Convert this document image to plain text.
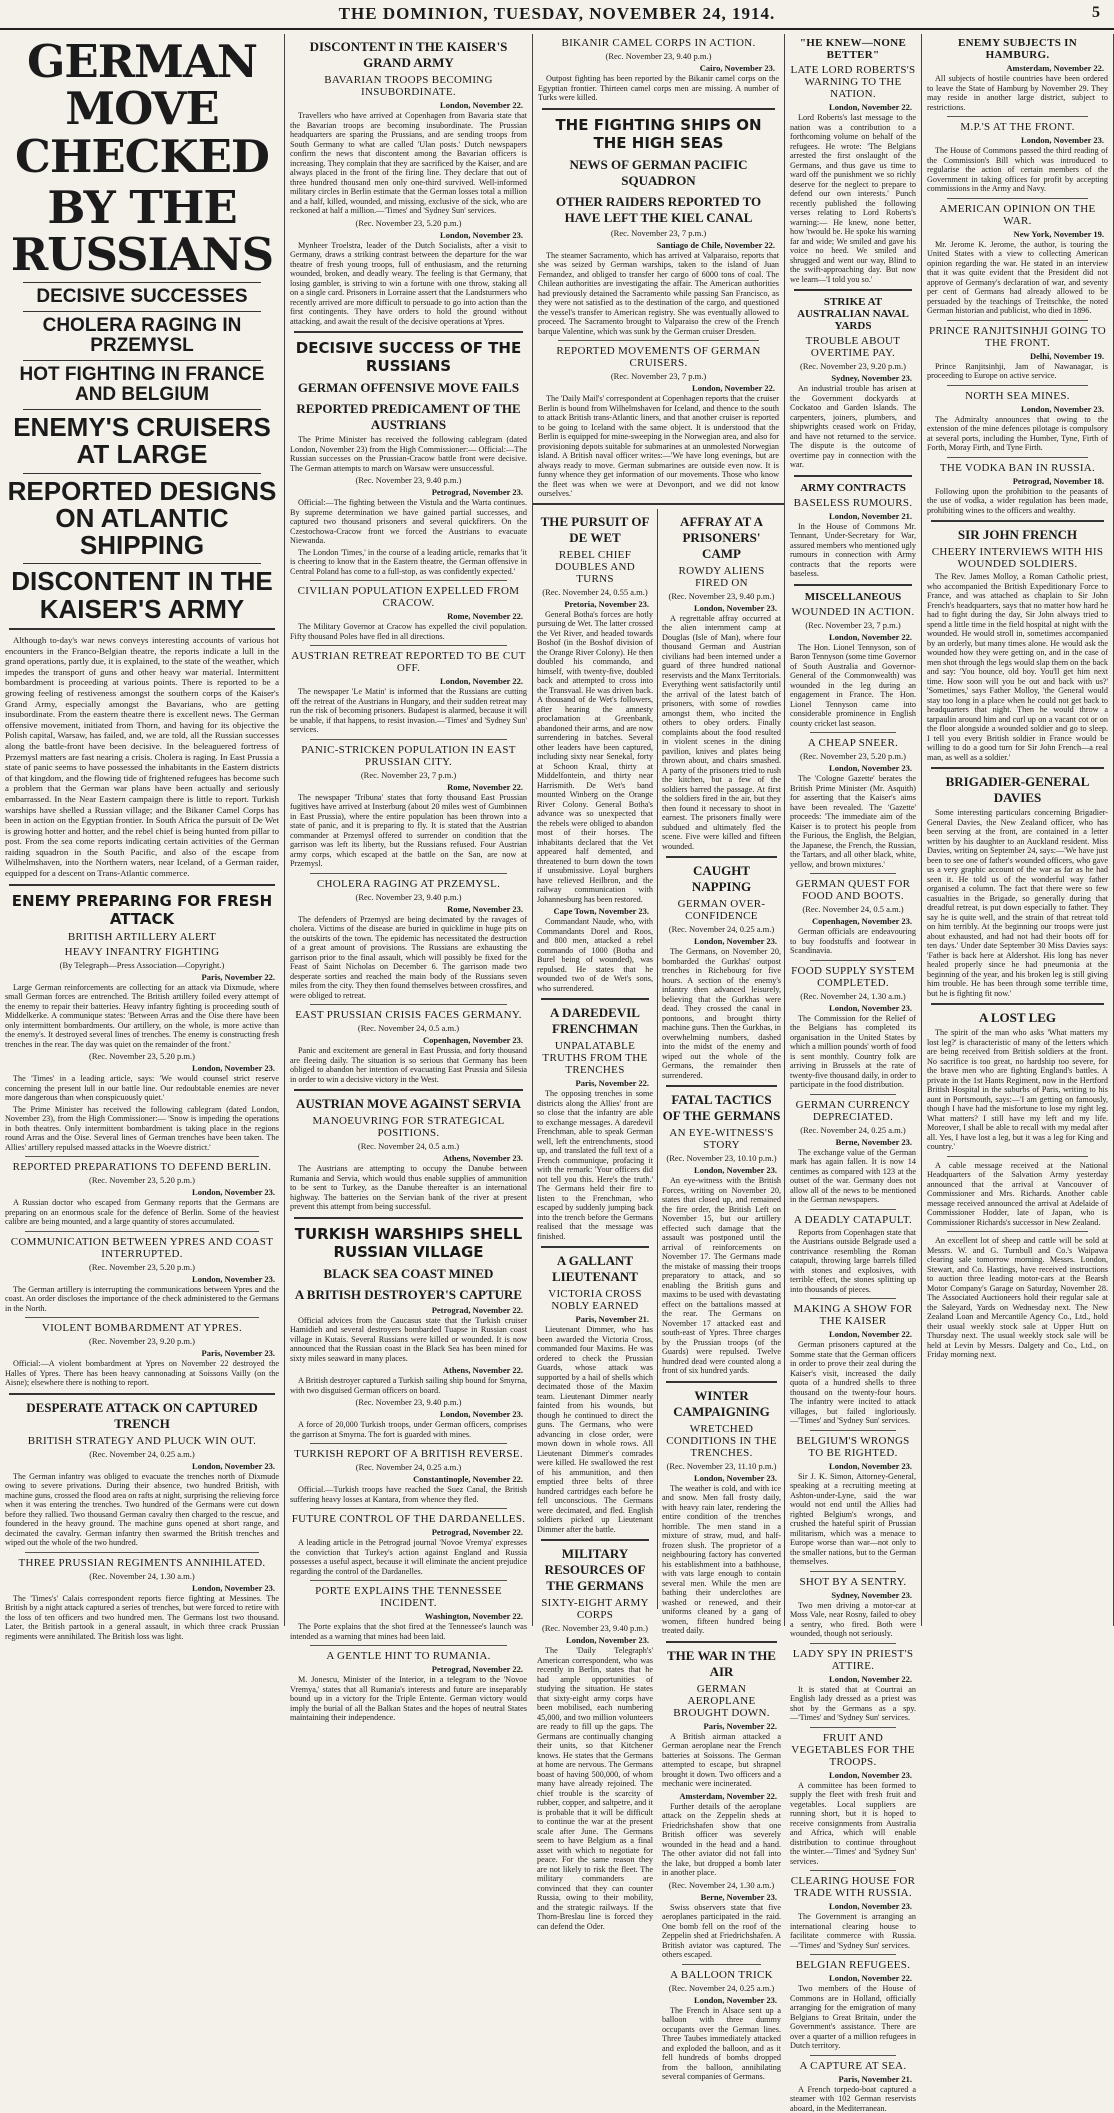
THE DOMINION, TUESDAY, NOVEMBER 24, 1914.	5
GERMAN MOVE CHECKED
BY THE RUSSIANS
DECISIVE SUCCESSES
CHOLERA RAGING IN PRZEMYSL
HOT FIGHTING IN FRANCE AND BELGIUM
ENEMY'S CRUISERS AT LARGE
REPORTED DESIGNS ON ATLANTIC SHIPPING
DISCONTENT IN THE KAISER'S ARMY

Although to-day's war news conveys interesting accounts of various hot encounters in the Franco-Belgian theatre, the reports indicate a lull in the grand operations, partly due, it is explained, to the state of the weather, which impedes the transport of guns and other heavy war material. Intermittent bombardment is proceeding at various points. There is reported to be a growing feeling of restiveness amongst the southern corps of the Kaiser's Grand Army, especially amongst the Bavarians, who are getting insubordinate. From the eastern theatre there is excellent news. The German offensive movement, initiated from Thorn, and having for its objective the Polish capital, Warsaw, has failed, and, we are told, all the Russian successes along the battle-front have been decisive. In the beleaguered fortress of Przemysl matters are fast nearing a crisis. Cholera is raging. In East Prussia a state of panic seems to have possessed the inhabitants in the Eastern districts of that kingdom, and the flowing tide of frightened refugees has become such a problem that the German war plans have been actually and seriously embarrassed. In the Near Eastern campaign there is little to report. Turkish warships have shelled a Russian village; and the Bikaner Camel Corps has been in action on the Egyptian frontier. In South Africa the pursuit of De Wet is growing hotter and hotter, and the rebel chief is being hunted from pillar to post. From the sea come reports indicating certain activities of the German raiding squadron in the South Pacific, and also of the escape from Wilhelmshaven, into the Northern waters, near Iceland, of a German raider, equipped for a descent on Trans-Atlantic commerce.

ENEMY PREPARING FOR FRESH ATTACK
BRITISH ARTILLERY ALERT
HEAVY INFANTRY FIGHTING
(By Telegraph—Press Association—Copyright.)
Paris, November 22.

Large German reinforcements are collecting for an attack via Dixmude, where small German forces are entrenched. The British artillery foiled every attempt of the enemy to repair their batteries. Heavy infantry fighting is proceeding south of Middelkerke. A communique states: 'Between Arras and the Oise there have been only intermittent bombardments. Our artillery, on the whole, is more active than the enemy's. It destroyed several lines of trenches. The enemy is constructing fresh trenches in the rear. The day was quiet on the remainder of the front.'

(Rec. November 23, 5.20 p.m.)
London, November 23.

The 'Times' in a leading article, says: 'We would counsel strict reserve concerning the present lull in our battle line. Our redoubtable enemies are never more dangerous than when conspicuously quiet.'

The Prime Minister has received the following cablegram (dated London, November 23), from the High Commissioner:— 'Snow is impeding the operations in both theatres. Only intermittent bombardment is taking place in the regions round Arras and the Oise. Several lines of German trenches have been taken. The Allies' artillery repulsed massed attacks in the Woevre district.'

REPORTED PREPARATIONS TO DEFEND BERLIN.
(Rec. November 23, 5.20 p.m.)
London, November 23.

A Russian doctor who escaped from Germany reports that the Germans are preparing on an enormous scale for the defence of Berlin. Some of the heaviest calibre are being mounted, and a large quantity of stores accumulated.

COMMUNICATION BETWEEN YPRES AND COAST INTERRUPTED.
(Rec. November 23, 5.20 p.m.)
London, November 23.

The German artillery is interrupting the communications between Ypres and the coast. An order discloses the importance of the check administered to the Germans in the North.

VIOLENT BOMBARDMENT AT YPRES.
(Rec. November 23, 9.20 p.m.)
Paris, November 23.

Official:—A violent bombardment at Ypres on November 22 destroyed the Halles of Ypres. There has been heavy cannonading at Soissons Vailly (on the Aisne); elsewhere there is nothing to report.

DESPERATE ATTACK ON CAPTURED TRENCH
BRITISH STRATEGY AND PLUCK WIN OUT.
(Rec. November 24, 0.25 a.m.)
London, November 23.

The German infantry was obliged to evacuate the trenches north of Dixmude owing to severe privations. During their absence, two hundred British, with machine guns, crossed the flood area on rafts at night, surprising the relieving force when it was entering the trenches. Two hundred of the Germans were cut down before they rallied. Two thousand German cavalry then charged to the rescue, and foundered in the heavy ground. The machine guns opened at short range, and decimated the cavalry. German infantry then swarmed the British trenches and wiped out the whole of the two hundred.

THREE PRUSSIAN REGIMENTS ANNIHILATED.
(Rec. November 24, 1.30 a.m.)
London, November 23.

The 'Times's' Calais correspondent reports fierce fighting at Messines. The British by a night attack captured a series of trenches, but were forced to retire with the loss of ten officers and two hundred men. The Germans lost two thousand. Later, the British partook in a general assault, in which three crack Prussian regiments were annihilated. The British loss was light.

DISCONTENT IN THE KAISER'S GRAND ARMY
BAVARIAN TROOPS BECOMING INSUBORDINATE.
London, November 22.

Travellers who have arrived at Copenhagen from Bavaria state that the Bavarian troops are becoming insubordinate. The Prussian headquarters are sparing the Prussians, and are sending troops from South Germany to what are called 'Ulan posts.' Dutch newspapers confirm the news that discontent among the Bavarian officers is increasing. They complain that they are sacrificed by the Kaiser, and are always placed in the front of the firing line. They declare that out of three hundred thousand men only one-third survived. Well-informed military circles in Berlin estimate that the German losses total a million and a half, killed, wounded, and missing, exclusive of the sick, who are reckoned at half a million.—'Times' and 'Sydney Sun' services.

(Rec. November 23, 5.20 p.m.)
London, November 23.

Mynheer Troelstra, leader of the Dutch Socialists, after a visit to Germany, draws a striking contrast between the departure for the war theatre of fresh young troops, full of enthusiasm, and the returning wounded, broken, and deadly weary. The feeling is that Germany, that losing gambler, is striving to win a fortune with one throw, staking all on a single card. Prisoners in Lorraine assert that the Landsturmers who recently arrived are more difficult to persuade to go into action than the first contingents. They have orders to hold the ground without attacking, and await the result of the decisive operations at Ypres.

DECISIVE SUCCESS OF THE RUSSIANS
GERMAN OFFENSIVE MOVE FAILS
REPORTED PREDICAMENT OF THE AUSTRIANS

The Prime Minister has received the following cablegram (dated London, November 23) from the High Commissioner:— Official:—The Russian successes on the Prussian-Cracow battle front were decisive. The German attempts to march on Warsaw were unsuccessful.

(Rec. November 23, 9.40 p.m.)
Petrograd, November 23.

Official:—The fighting between the Vistula and the Warta continues. By supreme determination we have gained partial successes, and captured two thousand prisoners and several quickfirers. On the Czestochowa-Cracow front we forced the Austrians to evacuate Niewanda.

The London 'Times,' in the course of a leading article, remarks that 'it is cheering to know that in the Eastern theatre, the German offensive in Central Poland has come to a full-stop, as was confidently expected.'

CIVILIAN POPULATION EXPELLED FROM CRACOW.
Rome, November 22.

The Military Governor at Cracow has expelled the civil population. Fifty thousand Poles have fled in all directions.

AUSTRIAN RETREAT REPORTED TO BE CUT OFF.
London, November 22.

The newspaper 'Le Matin' is informed that the Russians are cutting off the retreat of the Austrians in Hungary, and their sudden retreat may run the risk of becoming prisoners. Budapest is alarmed, because it will be unable, if that happens, to resist invasion.—'Times' and 'Sydney Sun' services.

PANIC-STRICKEN POPULATION IN EAST PRUSSIAN CITY.
(Rec. November 23, 7 p.m.)
Rome, November 22.

The newspaper 'Tribuna' states that forty thousand East Prussian fugitives have arrived at Insterburg (about 20 miles west of Gumbinnen in East Prussia), where the entire population has been thrown into a state of panic, and it is preparing to fly. It is stated that the Austrian commander at Przemysl offered to surrender on condition that the garrison was left its liberty, but the Russians refused. Four Austrian army corps, which escaped at the battle on the San, are now at Przemysl.

CHOLERA RAGING AT PRZEMYSL.
(Rec. November 23, 9.40 p.m.)
Rome, November 23.

The defenders of Przemysl are being decimated by the ravages of cholera. Victims of the disease are buried in quicklime in huge pits on the outskirts of the town. The epidemic has necessitated the destruction of a great amount of provisions. The Russians are exhausting the garrison prior to the final assault, which will possibly be fixed for the Feast of Saint Nicholas on December 6. The garrison made two desperate sorties and reached the main body of the Russians seven miles from the city. They then found themselves between crossfires, and were obliged to retreat.

EAST PRUSSIAN CRISIS FACES GERMANY.
(Rec. November 24, 0.5 a.m.)
Copenhagen, November 23.

Panic and excitement are general in East Prussia, and forty thousand are fleeing daily. The situation is so serious that Germany has been obliged to abandon her intention of evacuating East Prussia and Silesia in order to win a decisive victory in the West.

AUSTRIAN MOVE AGAINST SERVIA
MANOEUVRING FOR STRATEGICAL POSITIONS.
(Rec. November 24, 0.5 a.m.)
Athens, November 23.

The Austrians are attempting to occupy the Danube between Rumania and Servia, which would thus enable supplies of ammunition to be sent to Turkey, as the Danube thereafter is an international highway. The batteries on the Servian bank of the river at present prevent this attempt from being successful.

TURKISH WARSHIPS SHELL RUSSIAN VILLAGE
BLACK SEA COAST MINED
A BRITISH DESTROYER'S CAPTURE
Petrograd, November 22.

Official advices from the Caucasus state that the Turkish cruiser Hamidieh and several destroyers bombarded Tuapse in Russian coast village in Kutais. Several Russians were killed or wounded. It is now announced that the Russian coast in the Black Sea has been mined for sixty miles seaward in many places.

Athens, November 22.

A British destroyer captured a Turkish sailing ship bound for Smyrna, with two disguised German officers on board.

(Rec. November 23, 9.40 p.m.)
London, November 23.

A force of 20,000 Turkish troops, under German officers, comprises the garrison at Smyrna. The fort is guarded with mines.

TURKISH REPORT OF A BRITISH REVERSE.
(Rec. November 24, 0.25 a.m.)
Constantinople, November 22.

Official.—Turkish troops have reached the Suez Canal, the British suffering heavy losses at Kantara, from whence they fled.

FUTURE CONTROL OF THE DARDANELLES.
Petrograd, November 22.

A leading article in the Petrograd journal 'Novoe Vremya' expresses the conviction that Turkey's action against England and Russia possesses a useful aspect, because it will eliminate the ancient prejudice regarding the control of the Dardanelles.

PORTE EXPLAINS THE TENNESSEE INCIDENT.
Washington, November 22.

The Porte explains that the shot fired at the Tennessee's launch was intended as a warning that mines had been laid.

A GENTLE HINT TO RUMANIA.
Petrograd, November 22.

M. Jonescu, Minister of the Interior, in a telegram to the 'Novoe Vremya,' states that all Rumania's interests and future are inseparably bound up in a victory for the Triple Entente. German victory would imply the burial of all the Balkan States and the hopes of neutral States maintaining their independence.

BIKANIR CAMEL CORPS IN ACTION.
(Rec. November 23, 9.40 p.m.)
Cairo, November 23.

Outpost fighting has been reported by the Bikanir camel corps on the Egyptian frontier. Thirteen camel corps men are missing. A number of Turks were killed.

THE FIGHTING SHIPS ON THE HIGH SEAS
NEWS OF GERMAN PACIFIC SQUADRON
OTHER RAIDERS REPORTED TO HAVE LEFT THE KIEL CANAL
(Rec. November 23, 7 p.m.)
Santiago de Chile, November 22.

The steamer Sacramento, which has arrived at Valparaiso, reports that she was seized by German warships, taken to the island of Juan Fernandez, and obliged to transfer her cargo of 6000 tons of coal. The Chilean authorities are investigating the affair. The American authorities had previously detained the Sacramento while passing San Francisco, as they were not satisfied as to the destination of the cargo, and questioned the vessel's transfer to American registry. She was eventually allowed to proceed. The Sacramento brought to Valparaiso the crew of the French barque Valentine, which was sunk by the German cruiser Dresden.

REPORTED MOVEMENTS OF GERMAN CRUISERS.
(Rec. November 23, 7 p.m.)
London, November 22.

The 'Daily Mail's' correspondent at Copenhagen reports that the cruiser Berlin is bound from Wilhelmshaven for Iceland, and thence to the south to attack British trans-Atlantic liners, and that another cruiser is reported to be going to Iceland with the same object. It is understood that the Berlin is equipped for mine-sweeping in the Norwegian area, and also for provisioning depots suitable for submarines at an unmolested Norwegian island. A British naval officer writes:—'We have long evenings, but are always ready to move. German submarines are outside even now. It is funny whence they get information of our movements. Those who know the fleet was when we were at Devonport, and we did not know ourselves.'

THE PURSUIT OF DE WET
REBEL CHIEF DOUBLES AND TURNS
(Rec. November 24, 0.55 a.m.)
Pretoria, November 23.

General Botha's forces are hotly pursuing de Wet. The latter crossed the Vet River, and headed towards Boshof (in the Boshof division of the Orange River Colony). He then doubled his commando, and himself, with twenty-five, doubled back and attempted to cross into the Transvaal. He was driven back. A thousand of de Wet's followers, after hearing the amnesty proclamation at Greenbank, abandoned their arms, and are now surrendering in batches. Several other leaders have been captured, including sixty near Senekal, forty at Schoon Kraal, thirty at Middelfontein, and thirty near Harrismith. De Wet's band mounted Winberg on the Orange River Colony. General Botha's advance was so unexpected that the rebels were obliged to abandon most of their horses. The inhabitants declared that the Vet appeared half demented, and threatened to burn down the town if unsubmissive. Loyal burghers have relieved Heilbron, and the railway communication with Johannesburg has been restored.

Cape Town, November 23.

Commandant Naude, who, with Commandants Dorel and Roos, and 800 men, attacked a rebel commando of 1000 (Botha and Burel being of wounded), was repulsed. He states that he wounded two of de Wet's sons, who surrendered.

A DAREDEVIL FRENCHMAN
UNPALATABLE TRUTHS FROM THE TRENCHES
Paris, November 22.

The opposing trenches in some districts along the Allies' front are so close that the infantry are able to exchange messages. A daredevil Frenchman, able to speak German well, left the entrenchments, stood up, and translated the full text of a French communique, profacing it with the remark: 'Your officers did not tell you this. Here's the truth.' The Germans held their fire to listen to the Frenchman, who escaped by suddenly jumping back into the trench before the Germans realised that the message was finished.

A GALLANT LIEUTENANT
VICTORIA CROSS NOBLY EARNED
Paris, November 21.

Lieutenant Dimmer, who has been awarded the Victoria Cross, commanded four Maxims. He was ordered to check the Prussian Guards, whose attack was supported by a hail of shells which decimated those of the Maxim team. Lieutenant Dimmer nearly fainted from his wounds, but though he continued to direct the guns. The Germans, who were advancing in close order, were mown down in whole rows. All Lieutenant Dimmer's comrades were killed. He swallowed the rest of his ammunition, and then emptied three belts of three hundred cartridges each before he fell unconscious. The Germans were decimated, and fled. English soldiers picked up Lieutenant Dimmer after the battle.

MILITARY RESOURCES OF THE GERMANS
SIXTY-EIGHT ARMY CORPS
(Rec. November 23, 9.40 p.m.)
London, November 23.

The 'Daily Telegraph's' American correspondent, who was recently in Berlin, states that he had ample opportunities of studying the situation. He states that sixty-eight army corps have been mobilised, each numbering 45,000, and two million volunteers are ready to fill up the gaps. The Germans are continually changing their units, so that Kitchener knows. He states that the Germans at home are nervous. The Germans boast of having 500,000, of whom many have already rejoined. The chief trouble is the scarcity of rubber, copper, and saltpetre, and it is probable that it will be difficult to continue the war at the present scale after June. The Germans seem to have Belgium as a final asset with which to negotiate for peace. For the same reason they are not likely to risk the fleet. The military commanders are convinced that they can counter Russia, owing to their mobility, and the strategic railways. If the Thorn-Breslau line is forced they can defend the Oder.

AFFRAY AT A PRISONERS' CAMP
ROWDY ALIENS FIRED ON
(Rec. November 23, 9.40 p.m.)
London, November 23.

A regrettable affray occurred at the alien internment camp at Douglas (Isle of Man), where four thousand German and Austrian civilians had been interned under a guard of three hundred national reservists and the Manx Territorials. Everything went satisfactorily until the arrival of the latest batch of prisoners, with some of rowdies amongst them, who incited the others to obey orders. Finally complaints about the food resulted in violent scenes in the dining pavilion, knives and plates being thrown about, and chairs smashed. A party of the prisoners tried to rush the kitchen, but a few of the soldiers barred the passage. At first the soldiers fired in the air, but they then found it necessary to shoot in earnest. The prisoners finally were subdued and ultimately fled the scene. Five were killed and fifteen wounded.

CAUGHT NAPPING
GERMAN OVER-CONFIDENCE
(Rec. November 24, 0.25 a.m.)
London, November 23.

The Germans, on November 20, bombarded the Gurkhas' outpost trenches in Richebourg for five hours. A section of the enemy's infantry then advanced leisurely, believing that the Gurkhas were dead. They crossed the canal in pontoons, and brought thirty machine guns. Then the Gurkhas, in overwhelming numbers, dashed into the midst of the enemy and wiped out the whole of the Germans, the remainder then surrendered.

FATAL TACTICS OF THE GERMANS
AN EYE-WITNESS'S STORY
(Rec. November 23, 10.10 p.m.)
London, November 23.

An eye-witness with the British Forces, writing on November 20, states that closed up, and remained the fire order, the British Left on November 15, but our artillery effected such damage that the assault was postponed until the arrival of reinforcements on November 17. The Germans made the mistake of massing their troops preparatory to attack, and so enabling the British guns and maxims to be used with devastating effect on the battalions massed at the rear. The Germans on November 17 attacked east and south-east of Ypres. Three charges by the Prussian troops (of the Guards) were repulsed. Twelve hundred dead were counted along a front of six hundred yards.

WINTER CAMPAIGNING
WRETCHED CONDITIONS IN THE TRENCHES.
(Rec. November 23, 11.10 p.m.)
London, November 23.

The weather is cold, and with ice and snow. Men fall frosty daily, with heavy rain later, rendering the entire condition of the trenches horrible. The men stand in a mixture of straw, mud, and half-frozen slush. The proprietor of a neighbouring factory has converted his establishment into a bathhouse, with vats large enough to contain several men. While the men are bathing their underclothes are washed or renewed, and their uniforms cleaned by a gang of women, fifteen hundred being treated daily.

THE WAR IN THE AIR
GERMAN AEROPLANE BROUGHT DOWN.
Paris, November 22.

A British airman attacked a German aeroplane near the French batteries at Soissons. The German attempted to escape, but shrapnel brought it down. Two officers and a mechanic were incinerated.

Amsterdam, November 22.

Further details of the aeroplane attack on the Zeppelin sheds at Friedrichshafen show that one British officer was severely wounded in the head and a hand. The other aviator did not fall into the lake, but dropped a bomb later in another place.

(Rec. November 24, 1.30 a.m.)
Berne, November 23.

Swiss observers state that five aeroplanes participated in the raid. One bomb fell on the roof of the Zeppelin shed at Friedrichshafen. A British aviator was captured. The others escaped.

A BALLOON TRICK
(Rec. November 24, 0.25 a.m.)
London, November 23.

The French in Alsace sent up a balloon with three dummy occupants over the German lines. Three Taubes immediately attacked and exploded the balloon, and as it fell hundreds of bombs dropped from the balloon, annihilating several companies of Germans.

"HE KNEW—NONE BETTER"
LATE LORD ROBERTS'S WARNING TO THE NATION.
London, November 22.

Lord Roberts's last message to the nation was a contribution to a forthcoming volume on behalf of the refugees. He wrote: 'The Belgians arrested the first onslaught of the Germans, and thus gave us time to ward off the punishment we so richly deserve for the neglect to prepare to defend our own interests.' Punch recently published the following verses relating to Lord Roberts's warning:— He knew, none better, how 'twould be. He spoke his warning far and wide; We smiled and gave his voice no heed. We smiled and shrugged and went our way, Blind to the swift-approaching day. But now we learn—'I told you so.'

STRIKE AT AUSTRALIAN NAVAL YARDS
TROUBLE ABOUT OVERTIME PAY.
(Rec. November 23, 9.20 p.m.)
Sydney, November 23.

An industrial trouble has arisen at the Government dockyards at Cockatoo and Garden Islands. The carpenters, joiners, plumbers, and shipwrights ceased work on Friday, and have not returned to the service. The dispute is the outcome of overtime pay in connection with the war.

ARMY CONTRACTS
BASELESS RUMOURS.
London, November 21.

In the House of Commons Mr. Tennant, Under-Secretary for War, assured members who mentioned ugly rumours in connection with Army contracts that the reports were baseless.

MISCELLANEOUS
WOUNDED IN ACTION.
(Rec. November 23, 7 p.m.)
London, November 22.

The Hon. Lionel Tennyson, son of Baron Tennyson (some time Governor of South Australia and Governor-General of the Commonwealth) was wounded in the leg during an engagement in France. The Hon. Lionel Tennyson came into considerable prominence in English county cricket last season.

A CHEAP SNEER.
(Rec. November 23, 5.20 p.m.)
London, November 23.

The 'Cologne Gazette' berates the British Prime Minister (Mr. Asquith) for asserting that the Kaiser's aims have been revealed. The 'Gazette' proceeds: 'The immediate aim of the Kaiser is to protect his people from the Furious, the English, the Belgian, the Japanese, the French, the Russian, the Tartars, and all other black, white, yellow, and brown mixtures.'

GERMAN QUEST FOR FOOD AND BOOTS.
(Rec. November 24, 0.5 a.m.)
Copenhagen, November 23.

German officials are endeavouring to buy foodstuffs and footwear in Scandinavia.

FOOD SUPPLY SYSTEM COMPLETED.
(Rec. November 24, 1.30 a.m.)
London, November 23.

The Commission for the Relief of the Belgians has completed its organisation in the United States by which a million pounds' worth of food is sent monthly. Country folk are arriving in Brussels at the rate of twenty-five thousand daily, in order to participate in the food distribution.

GERMAN CURRENCY DEPRECIATED.
(Rec. November 24, 0.25 a.m.)
Berne, November 23.

The exchange value of the German mark has again fallen. It is now 14 centimes as compared with 123 at the outset of the war. Germany does not allow all of the news to be mentioned in the German newspapers.

A DEADLY CATAPULT.

Reports from Copenhagen state that the Austrians outside Belgrade used a contrivance resembling the Roman catapult, throwing large barrels filled with stones and explosives, with terrible effect, the stones splitting up into thousands of pieces.

MAKING A SHOW FOR THE KAISER
London, November 22.

German prisoners captured at the Somme state that the German officers in order to prove their zeal during the Kaiser's visit, increased the daily quota of a hundred shells to three thousand on the twenty-four hours. The infantry were incited to attack villages, but failed ingloriously.—'Times' and 'Sydney Sun' services.

BELGIUM'S WRONGS TO BE RIGHTED.
London, November 23.

Sir J. K. Simon, Attorney-General, speaking at a recruiting meeting at Ashton-under-Lyne, said the war would not end until the Allies had righted Belgium's wrongs, and crushed the hateful spirit of Prussian militarism, which was a menace to Europe worse than war—not only to the smaller nations, but to the German themselves.

SHOT BY A SENTRY.
Sydney, November 23.

Two men driving a motor-car at Moss Vale, near Rosny, failed to obey a sentry, who fired. Both were wounded, though not seriously.

LADY SPY IN PRIEST'S ATTIRE.
London, November 22.

It is stated that at Courtrai an English lady dressed as a priest was shot by the Germans as a spy.—'Times' and 'Sydney Sun' services.

FRUIT AND VEGETABLES FOR THE TROOPS.
London, November 23.

A committee has been formed to supply the fleet with fresh fruit and vegetables. Local suppliers are running short, but it is hoped to receive consignments from Australia and Africa, which will enable distribution to continue throughout the winter.—'Times' and 'Sydney Sun' services.

CLEARING HOUSE FOR TRADE WITH RUSSIA.
London, November 23.

The Government is arranging an international clearing house to facilitate commerce with Russia.—'Times' and 'Sydney Sun' services.

BELGIAN REFUGEES.
London, November 22.

Two members of the House of Commons are in Holland, officially arranging for the emigration of many Belgians to Great Britain, under the Government's assistance. There are over a quarter of a million refugees in Dutch territory.

A CAPTURE AT SEA.
Paris, November 21.

A French torpedo-boat captured a steamer with 102 German reservists aboard, in the Mediterranean.

ENEMY SUBJECTS IN HAMBURG.
Amsterdam, November 22.

All subjects of hostile countries have been ordered to leave the State of Hamburg by November 29. They may reside in another large district, subject to restrictions.

M.P.'S AT THE FRONT.
London, November 23.

The House of Commons passed the third reading of the Commission's Bill which was introduced to regularise the action of certain members of the Government in taking offices for profit by accepting commissions in the Army and Navy.

AMERICAN OPINION ON THE WAR.
New York, November 19.

Mr. Jerome K. Jerome, the author, is touring the United States with a view to collecting American opinion regarding the war. He stated in an interview that it was quite evident that the President did not approve of Germany's declaration of war, and seventy per cent of Germans had already allowed to be persuaded by the teachings of Treitschke, the noted German historian and publicist, who died in 1896.

PRINCE RANJITSINHJI GOING TO THE FRONT.
Delhi, November 19.

Prince Ranjitsinhji, Jam of Nawanagar, is proceeding to Europe on active service.

NORTH SEA MINES.
London, November 23.

The Admiralty announces that owing to the extension of the mine defences pilotage is compulsory at several ports, including the Humber, Tyne, Firth of Forth, Moray Firth, and Tyne Firth.

THE VODKA BAN IN RUSSIA.
Petrograd, November 18.

Following upon the prohibition to the peasants of the use of vodka, a wider regulation has been made, prohibiting wines to the officers and wealthy.

SIR JOHN FRENCH
CHEERY INTERVIEWS WITH HIS WOUNDED SOLDIERS.

The Rev. James Molloy, a Roman Catholic priest, who accompanied the British Expeditionary Force to France, and was attached as chaplain to Sir John French's headquarters, says that no matter how hard he had to fight during the day, Sir John always tried to spend a little time in the field hospital at night with the wounded. He would stroll in, sometimes accompanied by an orderly, but many times alone. He would ask the wounded how they were getting on, and in the case of men shot through the legs would slap them on the back and say: 'You bounce, old boy. You'll get him next time. How soon will you be out and back with us?' 'Sometimes,' says Father Molloy, 'the General would stay too long in a place when he could not get back to headquarters that night. Then he would throw a tarpaulin around him and curl up on a vacant cot or on the floor alongside a wounded soldier and go to sleep. I tell you every British soldier in France would be willing to do a good turn for Sir John French—a real man, as well as a soldier.'

BRIGADIER-GENERAL DAVIES

Some interesting particulars concerning Brigadier-General Davies, the New Zealand officer, who has been serving at the front, are contained in a letter written by his daughter to an Auckland resident. Miss Davies, writing on September 24, says:—'We have just been to see one of father's wounded officers, who gave us a very graphic account of the war as far as he had seen it. He told us of the wonderful way father organised a column. The fact that there were so few casualties in the Brigade, so generally during that dreadful retreat, is put down especially to father. They say he is quite well, and the strain of that retreat told on him terribly. At the beginning our troops were just about exhausted, and had not had their boots off for ten days.' Under date September 30 Miss Davies says: 'Father is back here at Aldershot. His long has never healed properly since he had pneumonia at the beginning of the year, and his broken leg is still giving him trouble. He has been through some terrible time, but he is fighting fit now.'

A LOST LEG

The spirit of the man who asks 'What matters my lost leg?' is characteristic of many of the letters which are being received from British soldiers at the front. No sacrifice is too great, no hardship too severe, for the brave men who are fighting England's battles. A private in the 1st Hants Regiment, now in the Hertford British Hospital in the suburbs of Paris, writing to his aunt in Portsmouth, says:—'I am getting on famously, though I have had the misfortune to lose my right leg. What matters? I still have my left and my life. Moreover, I shall be able to recall with my medal after all. Yes, I have lost a leg, but it was a leg for King and country.'

A cable message received at the National Headquarters of the Salvation Army yesterday announced that the arrival at Vancouver of Commissioner and Mrs. Richards. Another cable message received announced the arrival at Adelaide of Commissioner Hodder, late of Japan, who is Commissioner Richards's successor in New Zealand.

An excellent lot of sheep and cattle will be sold at Messrs. W. and G. Turnbull and Co.'s Waipawa clearing sale tomorrow morning. Messrs. London, Stewart, and Co. Hastings, have received instructions to auction three leading motor-cars at the Bearsh Motor Company's Garage on Saturday, November 28. The Associated Auctioneers hold their regular sale at the Saleyard, Yards on Wednesday next. The New Zealand Loan and Mercantile Agency Co., Ltd., hold their usual weekly stock sale at Upper Hutt on Thursday next. The usual weekly stock sale will be held at Levin by Messrs. Dalgety and Co., Ltd., on Friday morning next.
